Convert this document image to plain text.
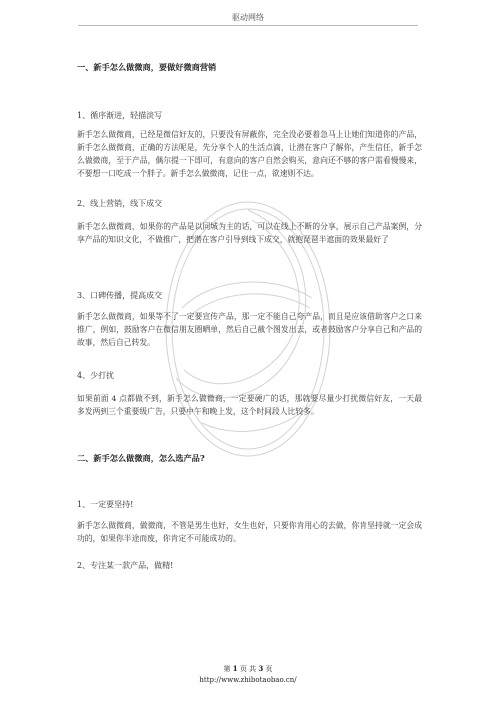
驱动网络
一、新手怎么做微商，要做好微商营销
1、循序渐进，轻描淡写

新手怎么做微商，已经是微信好友的，只要没有屏蔽你，完全没必要着急马上让她们知道你的产品，新手怎么做微商，正确的方法呢是，先分享个人的生活点滴，让潜在客户了解你，产生信任，新手怎么做微商，至于产品，偶尔提一下即可，有意向的客户自然会购买，意向还不够的客户需看慢慢来，不要想一口吃成一个胖子。新手怎么做微商，记住一点，欲速则不达。

2、线上营销，线下成交

新手怎么做微商，如果你的产品是以同城为主的话，可以在线上不断的分享，展示自己产品案例，分享产品的知识文化，不做推广，把潜在客户引导到线下成交，就抱琵琶半遮面的效果最好了

3、口碑传播，提高成交

新手怎么做微商，如果等不了一定要宣传产品，那一定不能自己夸产品，而且是应该借助客户之口来推广，例如，鼓励客户在微信朋友圈晒单，然后自己截个图发出去，或者鼓励客户分享自己和产品的故事，然后自己转发。

4、少打扰

如果前面 4 点都做不到，新手怎么做微商，一定要硬广的话，那就要尽量少打扰微信好友，一天最多发两到三个重要级广告，只要中午和晚上发，这个时间段人比较多。

二、新手怎么做微商，怎么选产品?
1、一定要坚持!

新手怎么做微商，做微商，不管是男生也好，女生也好，只要你肯用心的去做，你肯坚持就一定会成功的，如果你半途而废，你肯定不可能成功的。

2、专注某一款产品，做精!
第 1 页 共 3 页
http://www.zhibotaobao.cn/
